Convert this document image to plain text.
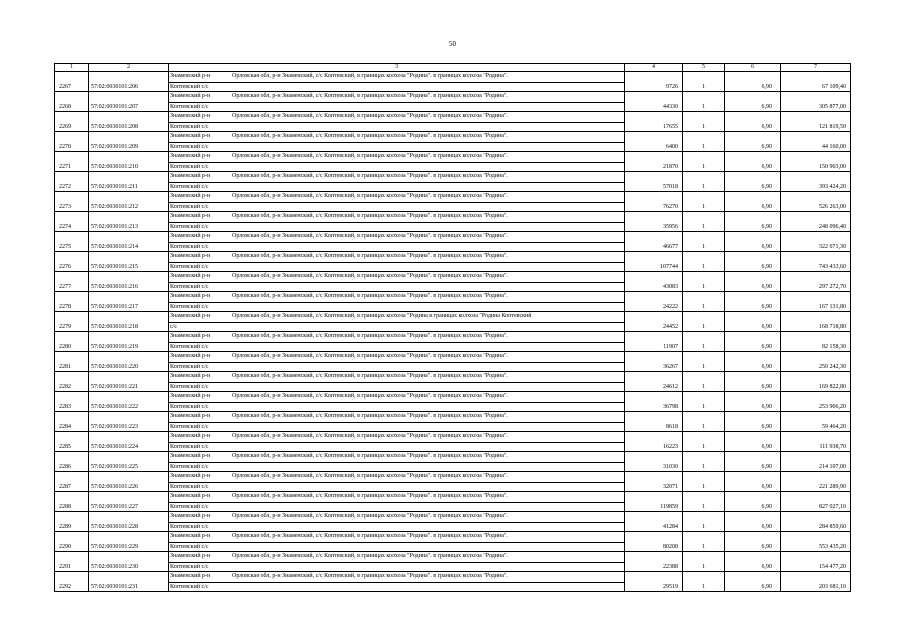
50
1	2	3	4	5	6	7
2267	57:02:0030101:206	Знаменский р-н Орловская обл, р-н Знаменский, с/с Коптевский, в границах колхоза "Родина". в границах колхоза "Родина".
Коптевский с/с	9726	1	6,90	67 109,40
2268	57:02:0030101:207	Знаменский р-н Орловская обл, р-н Знаменский, с/с Коптевский, в границах колхоза "Родина". в границах колхоза "Родина".
Коптевский с/с	44330	1	6,90	305 877,00
2269	57:02:0030101:208	Знаменский р-н Орловская обл, р-н Знаменский, с/с Коптевский, в границах колхоза "Родина". в границах колхоза "Родина".
Коптевский с/с	17655	1	6,90	121 819,50
2270	57:02:0030101:209	Знаменский р-н Орловская обл, р-н Знаменский, с/с Коптевский, в границах колхоза "Родина". в границах колхоза "Родина".
Коптевский с/с	6400	1	6,90	44 160,00
2271	57:02:0030101:210	Знаменский р-н Орловская обл, р-н Знаменский, с/с Коптевский, в границах колхоза "Родина". в границах колхоза "Родина".
Коптевский с/с	21870	1	6,90	150 903,00
2272	57:02:0030101:211	Знаменский р-н Орловская обл, р-н Знаменский, с/с Коптевский, в границах колхоза "Родина". в границах колхоза "Родина".
Коптевский с/с	57018	1	6,90	393 424,20
2273	57:02:0030101:212	Знаменский р-н Орловская обл, р-н Знаменский, с/с Коптевский, в границах колхоза "Родина". в границах колхоза "Родина".
Коптевский с/с	76270	1	6,90	526 263,00
2274	57:02:0030101:213	Знаменский р-н Орловская обл, р-н Знаменский, с/с Коптевский, в границах колхоза "Родина". в границах колхоза "Родина".
Коптевский с/с	35956	1	6,90	248 096,40
2275	57:02:0030101:214	Знаменский р-н Орловская обл, р-н Знаменский, с/с Коптевский, в границах колхоза "Родина". в границах колхоза "Родина".
Коптевский с/с	46677	1	6,90	322 071,30
2276	57:02:0030101:215	Знаменский р-н Орловская обл, р-н Знаменский, с/с Коптевский, в границах колхоза "Родина". в границах колхоза "Родина".
Коптевский с/с	107744	1	6,90	743 433,60
2277	57:02:0030101:216	Знаменский р-н Орловская обл, р-н Знаменский, с/с Коптевский, в границах колхоза "Родина". в границах колхоза "Родина".
Коптевский с/с	43083	1	6,90	297 272,70
2278	57:02:0030101:217	Знаменский р-н Орловская обл, р-н Знаменский, с/с Коптевский, в границах колхоза "Родина". в границах колхоза "Родина".
Коптевский с/с	24222	1	6,90	167 131,80
2279	57:02:0030101:218	Знаменский р-н Орловская обл, р-н Знаменский, с/с Коптевский, в границах колхоза "Родина в границах колхоза "Родина Коптевский
с/с	24452	1	6,90	168 718,80
2280	57:02:0030101:219	Знаменский р-н Орловская обл, р-н Знаменский, с/с Коптевский, в границах колхоза "Родина". в границах колхоза "Родина".
Коптевский с/с	11907	1	6,90	82 158,30
2281	57:02:0030101:220	Знаменский р-н Орловская обл, р-н Знаменский, с/с Коптевский, в границах колхоза "Родина". в границах колхоза "Родина".
Коптевский с/с	36267	1	6,90	250 242,30
2282	57:02:0030101:221	Знаменский р-н Орловская обл, р-н Знаменский, с/с Коптевский, в границах колхоза "Родина". в границах колхоза "Родина".
Коптевский с/с	24612	1	6,90	169 822,80
2283	57:02:0030101:222	Знаменский р-н Орловская обл, р-н Знаменский, с/с Коптевский, в границах колхоза "Родина". в границах колхоза "Родина".
Коптевский с/с	36798	1	6,90	253 906,20
2284	57:02:0030101:223	Знаменский р-н Орловская обл, р-н Знаменский, с/с Коптевский, в границах колхоза "Родина". в границах колхоза "Родина".
Коптевский с/с	8618	1	6,90	59 464,20
2285	57:02:0030101:224	Знаменский р-н Орловская обл, р-н Знаменский, с/с Коптевский, в границах колхоза "Родина". в границах колхоза "Родина".
Коптевский с/с	16223	1	6,90	111 938,70
2286	57:02:0030101:225	Знаменский р-н Орловская обл, р-н Знаменский, с/с Коптевский, в границах колхоза "Родина". в границах колхоза "Родина".
Коптевский с/с	31030	1	6,90	214 107,00
2287	57:02:0030101:226	Знаменский р-н Орловская обл, р-н Знаменский, с/с Коптевский, в границах колхоза "Родина". в границах колхоза "Родина".
Коптевский с/с	32071	1	6,90	221 289,90
2288	57:02:0030101:227	Знаменский р-н Орловская обл, р-н Знаменский, с/с Коптевский, в границах колхоза "Родина". в границах колхоза "Родина".
Коптевский с/с	119859	1	6,90	827 027,10
2289	57:02:0030101:228	Знаменский р-н Орловская обл, р-н Знаменский, с/с Коптевский, в границах колхоза "Родина". в границах колхоза "Родина".
Коптевский с/с	41284	1	6,90	284 859,60
2290	57:02:0030101:229	Знаменский р-н Орловская обл, р-н Знаменский, с/с Коптевский, в границах колхоза "Родина". в границах колхоза "Родина".
Коптевский с/с	80208	1	6,90	553 435,20
2291	57:02:0030101:230	Знаменский р-н Орловская обл, р-н Знаменский, с/с Коптевский, в границах колхоза "Родина". в границах колхоза "Родина".
Коптевский с/с	22388	1	6,90	154 477,20
2292	57:02:0030101:231	Знаменский р-н Орловская обл, р-н Знаменский, с/с Коптевский, в границах колхоза "Родина". в границах колхоза "Родина".
Коптевский с/с	29519	1	6,90	203 681,10
